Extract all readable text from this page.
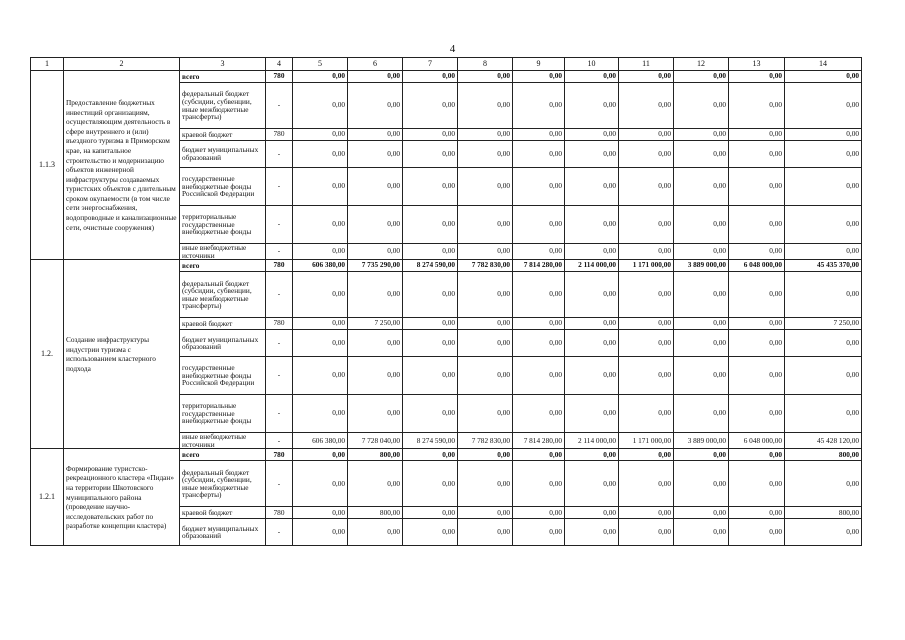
4
1	2	3	4	5	6	7	8	9	10	11	12	13	14
1.1.3	Предоставление бюджетных инвестиций организациям, осуществляющим деятельность в сфере внутреннего и (или) въездного туризма в Приморском крае, на капитальное строительство и модернизацию объектов инженерной инфраструктуры создаваемых туристских объектов с длительным сроком окупаемости (в том числе сети энергоснабжения, водопроводные и канализационные сети, очистные сооружения)	всего	780	0,00	0,00	0,00	0,00	0,00	0,00	0,00	0,00	0,00	0,00
		федеральный бюджет (субсидии, субвенции, иные межбюджетные трансферты)	-	0,00	0,00	0,00	0,00	0,00	0,00	0,00	0,00	0,00	0,00
		краевой бюджет	780	0,00	0,00	0,00	0,00	0,00	0,00	0,00	0,00	0,00	0,00
		бюджет муниципальных образований	-	0,00	0,00	0,00	0,00	0,00	0,00	0,00	0,00	0,00	0,00
		государственные внебюджетные фонды Российской Федерации	-	0,00	0,00	0,00	0,00	0,00	0,00	0,00	0,00	0,00	0,00
		территориальные государственные внебюджетные фонды	-	0,00	0,00	0,00	0,00	0,00	0,00	0,00	0,00	0,00	0,00
		иные внебюджетные источники	-	0,00	0,00	0,00	0,00	0,00	0,00	0,00	0,00	0,00	0,00
1.2.	Создание инфраструктуры индустрии туризма с использованием кластерного подхода	всего	780	606 380,00	7 735 290,00	8 274 590,00	7 782 830,00	7 814 280,00	2 114 000,00	1 171 000,00	3 889 000,00	6 048 000,00	45 435 370,00
		федеральный бюджет (субсидии, субвенции, иные межбюджетные трансферты)	-	0,00	0,00	0,00	0,00	0,00	0,00	0,00	0,00	0,00	0,00
		краевой бюджет	780	0,00	7 250,00	0,00	0,00	0,00	0,00	0,00	0,00	0,00	7 250,00
		бюджет муниципальных образований	-	0,00	0,00	0,00	0,00	0,00	0,00	0,00	0,00	0,00	0,00
		государственные внебюджетные фонды Российской Федерации	-	0,00	0,00	0,00	0,00	0,00	0,00	0,00	0,00	0,00	0,00
		территориальные государственные внебюджетные фонды	-	0,00	0,00	0,00	0,00	0,00	0,00	0,00	0,00	0,00	0,00
		иные внебюджетные источники	-	606 380,00	7 728 040,00	8 274 590,00	7 782 830,00	7 814 280,00	2 114 000,00	1 171 000,00	3 889 000,00	6 048 000,00	45 428 120,00
1.2.1	Формирование туристско-рекреационного кластера «Пидан» на территории Шкотовского муниципального района (проведение научно-исследовательских работ по разработке концепции кластера)	всего	780	0,00	800,00	0,00	0,00	0,00	0,00	0,00	0,00	0,00	800,00
		федеральный бюджет (субсидии, субвенции, иные межбюджетные трансферты)	-	0,00	0,00	0,00	0,00	0,00	0,00	0,00	0,00	0,00	0,00
		краевой бюджет	780	0,00	800,00	0,00	0,00	0,00	0,00	0,00	0,00	0,00	800,00
		бюджет муниципальных образований	-	0,00	0,00	0,00	0,00	0,00	0,00	0,00	0,00	0,00	0,00
